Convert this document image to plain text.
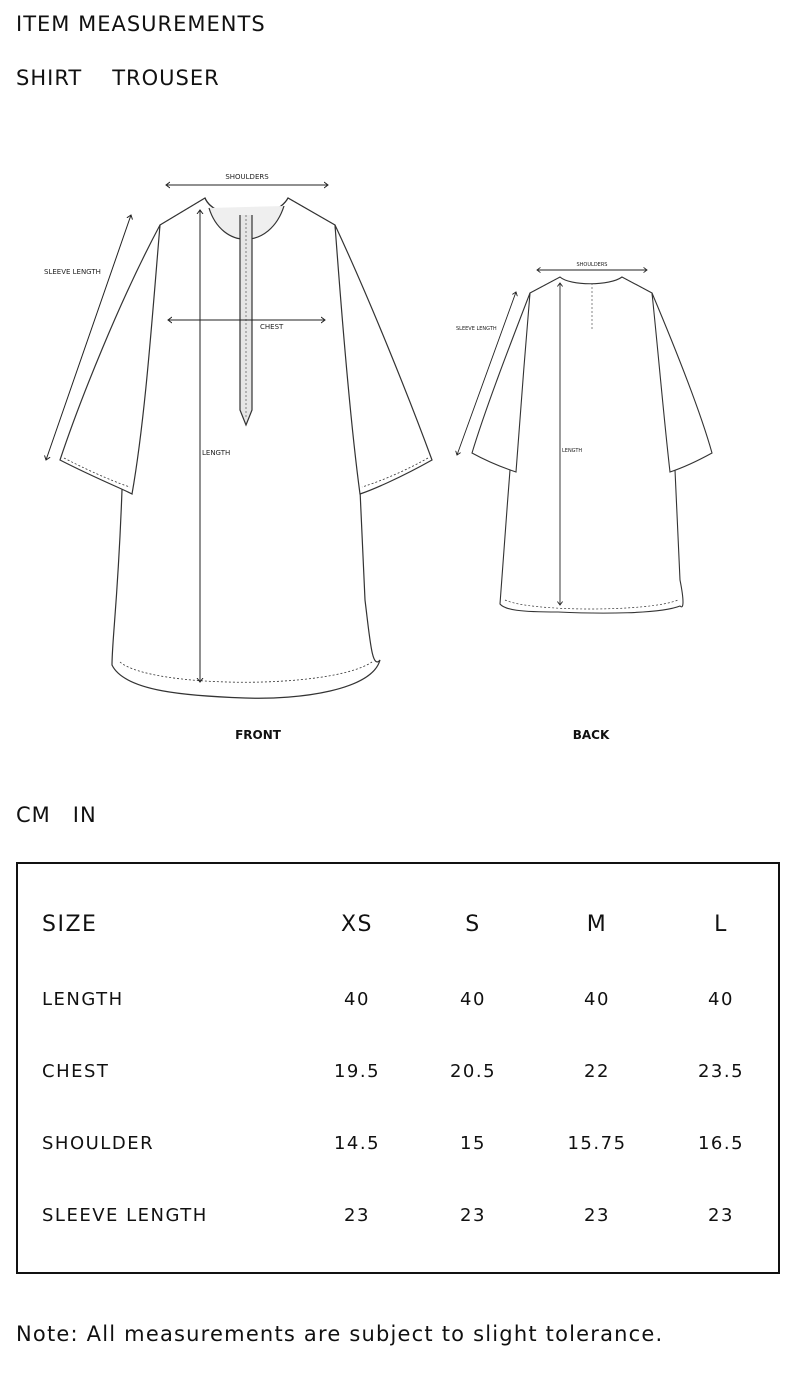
ITEM MEASUREMENTS
SHIRT TROUSER
SHOULDERS
SLEEVE LENGTH
CHEST
LENGTH
FRONT
SHOULDERS
SLEEVE LENGTH
LENGTH
BACK
CM IN
SIZE	XS	S	M	L
LENGTH	40	40	40	40
CHEST	19.5	20.5	22	23.5
SHOULDER	14.5	15	15.75	16.5
SLEEVE LENGTH	23	23	23	23
Note: All measurements are subject to slight tolerance.
